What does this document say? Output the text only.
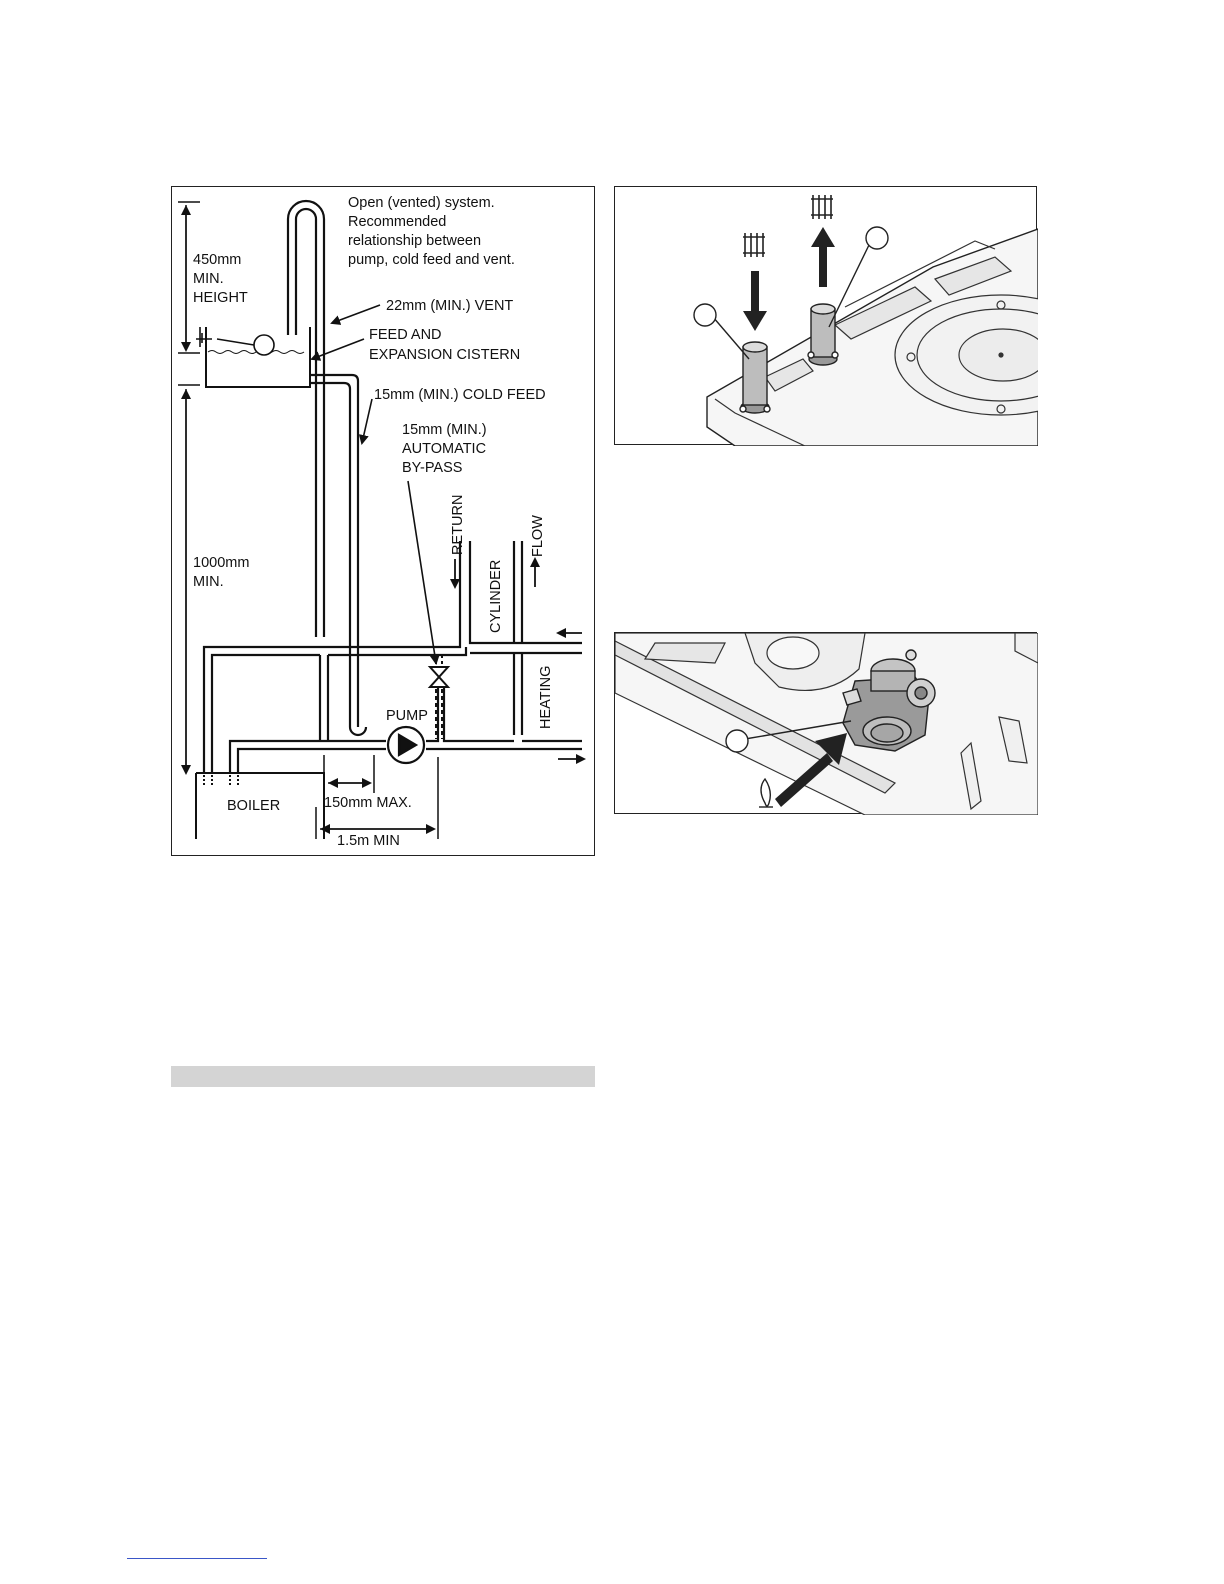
Open (vented) system.
Recommended
relationship between
pump, cold feed and vent.
450mm
MIN.
HEIGHT	22mm (MIN.) VENT
FEED AND
EXPANSION CISTERN
15mm (MIN.) COLD FEED
15mm (MIN.)
AUTOMATIC
BY-PASS
1000mm
MIN.
RETURN
CYLINDER
FLOW
HEATING
PUMP
BOILER	150mm MAX.
1.5m MIN
